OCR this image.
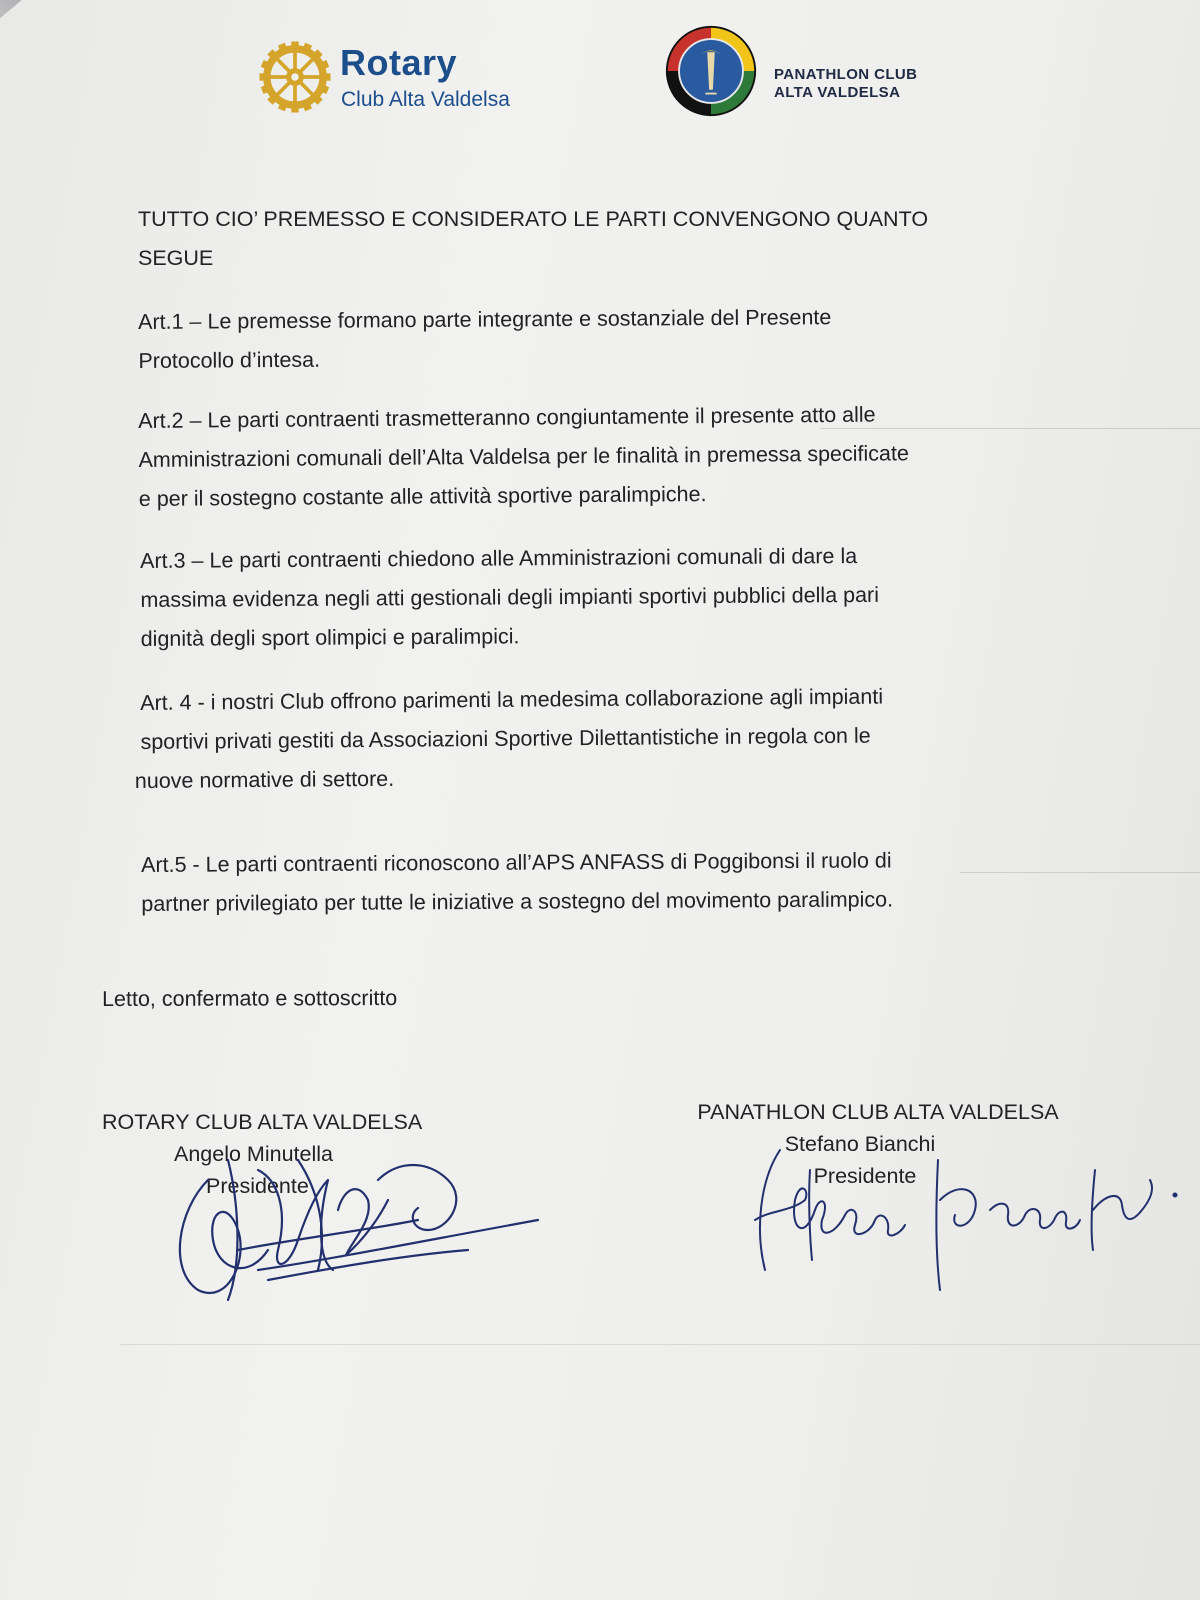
Rotary
Club Alta Valdelsa
PANATHLON CLUB
ALTA VALDELSA
TUTTO CIO’ PREMESSO E CONSIDERATO LE PARTI CONVENGONO QUANTO
SEGUE
Art.1 – Le premesse formano parte integrante e sostanziale del Presente
Protocollo d’intesa.
Art.2 – Le parti contraenti trasmetteranno congiuntamente il presente atto alle
Amministrazioni comunali dell’Alta Valdelsa per le finalità in premessa specificate
e per il sostegno costante alle attività sportive paralimpiche.
Art.3 – Le parti contraenti chiedono alle Amministrazioni comunali di dare la
massima evidenza negli atti gestionali degli impianti sportivi pubblici della pari
dignità degli sport olimpici e paralimpici.
Art. 4 - i nostri Club offrono parimenti la medesima collaborazione agli impianti
sportivi privati gestiti da Associazioni Sportive Dilettantistiche in regola con le
nuove normative di settore.
Art.5 - Le parti contraenti riconoscono all’APS ANFASS di Poggibonsi il ruolo di
partner privilegiato per tutte le iniziative a sostegno del movimento paralimpico.
Letto, confermato e sottoscritto
ROTARY CLUB ALTA VALDELSA
Angelo Minutella
Presidente
PANATHLON CLUB ALTA VALDELSA
Stefano Bianchi
Presidente
